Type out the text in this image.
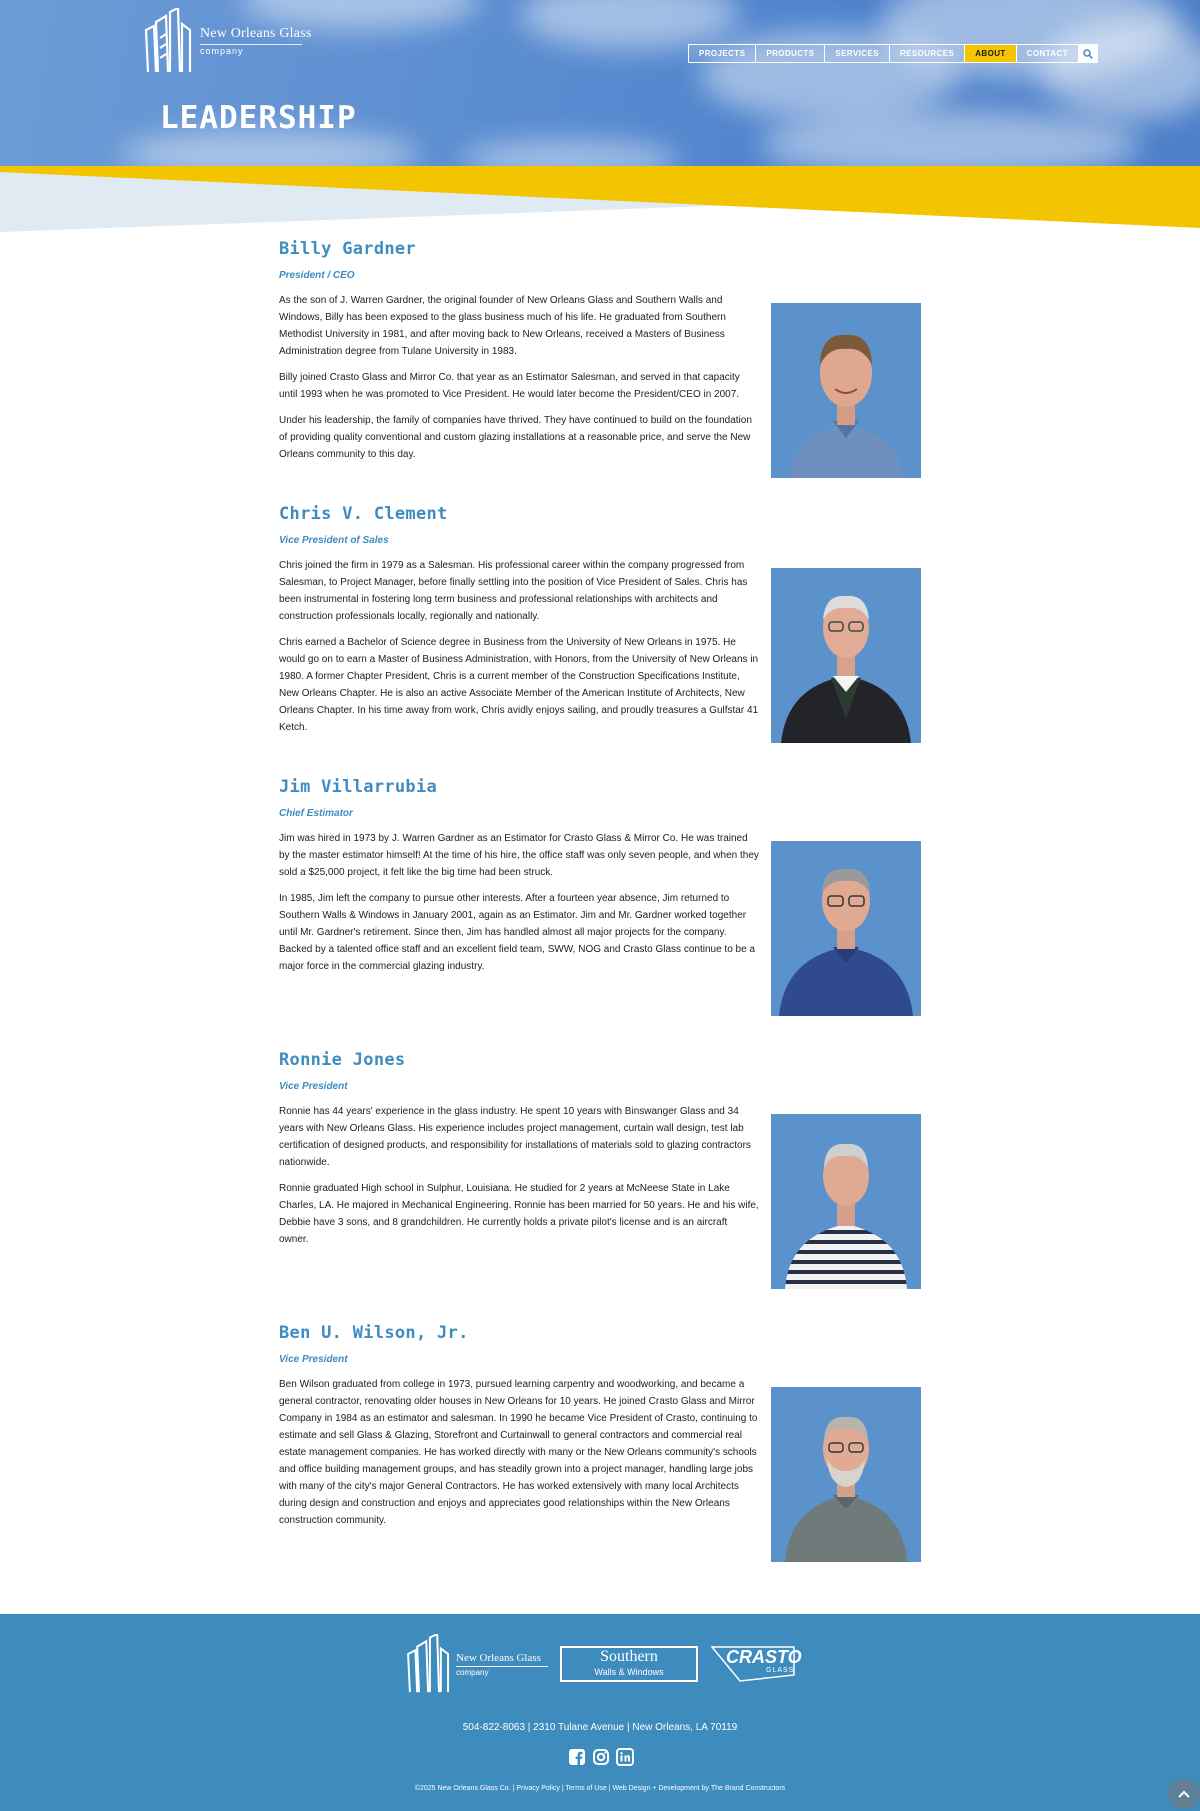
New Orleans Glass
company	PROJECTS	PRODUCTS	SERVICES	RESOURCES	ABOUT	CONTACT
LEADERSHIP
Billy Gardner
President / CEO

As the son of J. Warren Gardner, the original founder of New Orleans Glass and Southern Walls and Windows, Billy has been exposed to the glass business much of his life. He graduated from Southern Methodist University in 1981, and after moving back to New Orleans, received a Masters of Business Administration degree from Tulane University in 1983.

Billy joined Crasto Glass and Mirror Co. that year as an Estimator Salesman, and served in that capacity until 1993 when he was promoted to Vice President. He would later become the President/CEO in 2007.

Under his leadership, the family of companies have thrived. They have continued to build on the foundation of providing quality conventional and custom glazing installations at a reasonable price, and serve the New Orleans community to this day.

Chris V. Clement
Vice President of Sales

Chris joined the firm in 1979 as a Salesman. His professional career within the company progressed from Salesman, to Project Manager, before finally settling into the position of Vice President of Sales. Chris has been instrumental in fostering long term business and professional relationships with architects and construction professionals locally, regionally and nationally.

Chris earned a Bachelor of Science degree in Business from the University of New Orleans in 1975. He would go on to earn a Master of Business Administration, with Honors, from the University of New Orleans in 1980. A former Chapter President, Chris is a current member of the Construction Specifications Institute, New Orleans Chapter. He is also an active Associate Member of the American Institute of Architects, New Orleans Chapter. In his time away from work, Chris avidly enjoys sailing, and proudly treasures a Gulfstar 41 Ketch.

Jim Villarrubia
Chief Estimator

Jim was hired in 1973 by J. Warren Gardner as an Estimator for Crasto Glass & Mirror Co. He was trained by the master estimator himself! At the time of his hire, the office staff was only seven people, and when they sold a $25,000 project, it felt like the big time had been struck.

In 1985, Jim left the company to pursue other interests. After a fourteen year absence, Jim returned to Southern Walls & Windows in January 2001, again as an Estimator. Jim and Mr. Gardner worked together until Mr. Gardner's retirement. Since then, Jim has handled almost all major projects for the company. Backed by a talented office staff and an excellent field team, SWW, NOG and Crasto Glass continue to be a major force in the commercial glazing industry.

Ronnie Jones
Vice President

Ronnie has 44 years' experience in the glass industry. He spent 10 years with Binswanger Glass and 34 years with New Orleans Glass. His experience includes project management, curtain wall design, test lab certification of designed products, and responsibility for installations of materials sold to glazing contractors nationwide.

Ronnie graduated High school in Sulphur, Louisiana. He studied for 2 years at McNeese State in Lake Charles, LA. He majored in Mechanical Engineering. Ronnie has been married for 50 years. He and his wife, Debbie have 3 sons, and 8 grandchildren. He currently holds a private pilot's license and is an aircraft owner.

Ben U. Wilson, Jr.
Vice President

Ben Wilson graduated from college in 1973, pursued learning carpentry and woodworking, and became a general contractor, renovating older houses in New Orleans for 10 years. He joined Crasto Glass and Mirror Company in 1984 as an estimator and salesman. In 1990 he became Vice President of Crasto, continuing to estimate and sell Glass & Glazing, Storefront and Curtainwall to general contractors and commercial real estate management companies. He has worked directly with many or the New Orleans community's schools and office building management groups, and has steadily grown into a project manager, handling large jobs with many of the city's major General Contractors. He has worked extensively with many local Architects during design and construction and enjoys and appreciates good relationships within the New Orleans construction community.

New Orleans Glass
company
Southern
Walls & Windows
CRASTO
GLASS
504-822-8063 | 2310 Tulane Avenue | New Orleans, LA 70119
©2025 New Orleans Glass Co. | Privacy Policy | Terms of Use | Web Design + Development by The Brand Constructors
